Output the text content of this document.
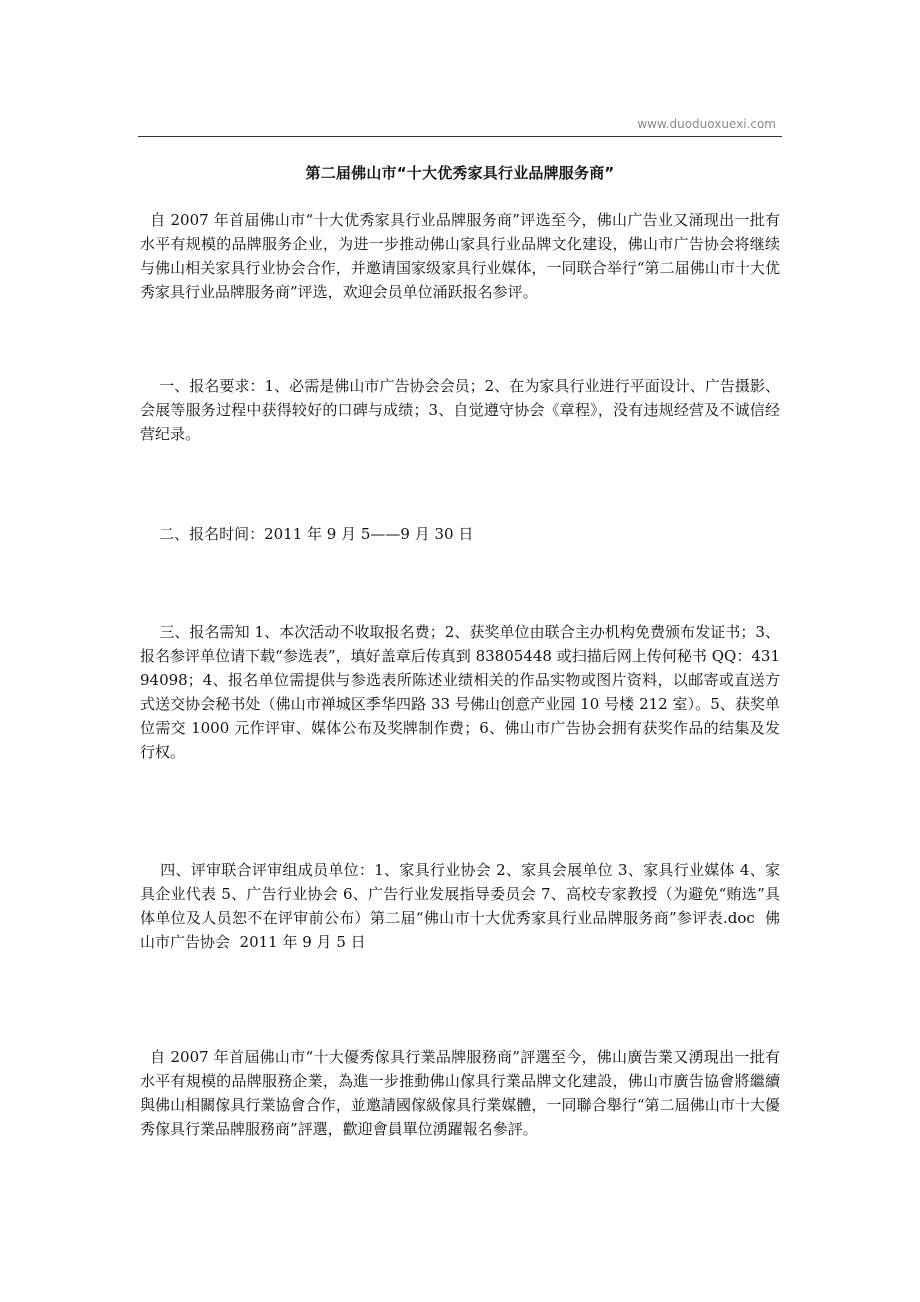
www.duoduoxuexi.com
第二届佛山市“十大优秀家具行业品牌服务商”
自 2007 年首届佛山市“十大优秀家具行业品牌服务商”评选至今，佛山广告业又涌现出一批有水平有规模的品牌服务企业，为进一步推动佛山家具行业品牌文化建设，佛山市广告协会将继续与佛山相关家具行业协会合作，并邀请国家级家具行业媒体，一同联合举行“第二届佛山市十大优秀家具行业品牌服务商”评选，欢迎会员单位涌跃报名参评。
一、报名要求：1、必需是佛山市广告协会会员；2、在为家具行业进行平面设计、广告摄影、会展等服务过程中获得较好的口碑与成绩；3、自觉遵守协会《章程》，没有违规经营及不诚信经营纪录。
二、报名时间：2011 年 9 月 5——9 月 30 日
三、报名需知 1、本次活动不收取报名费；2、获奖单位由联合主办机构免费颁布发证书；3、报名参评单位请下载“参选表”，填好盖章后传真到 83805448 或扫描后网上传何秘书 QQ：43194098；4、报名单位需提供与参选表所陈述业绩相关的作品实物或图片资料，以邮寄或直送方式送交协会秘书处（佛山市禅城区季华四路 33 号佛山创意产业园 10 号楼 212 室）。5、获奖单位需交 1000 元作评审、媒体公布及奖牌制作费；6、佛山市广告协会拥有获奖作品的结集及发行权。
四、评审联合评审组成员单位：1、家具行业协会 2、家具会展单位 3、家具行业媒体 4、家具企业代表 5、广告行业协会 6、广告行业发展指导委员会 7、高校专家教授（为避免“贿选”具体单位及人员恕不在评审前公布）第二届“佛山市十大优秀家具行业品牌服务商”参评表.doc  佛山市广告协会  2011 年 9 月 5 日
自 2007 年首屆佛山市“十大優秀傢具行業品牌服務商”評選至今，佛山廣告業又湧現出一批有水平有規模的品牌服務企業，為進一步推動佛山傢具行業品牌文化建設，佛山市廣告協會將繼續與佛山相關傢具行業協會合作，並邀請國傢級傢具行業媒體，一同聯合舉行“第二屆佛山市十大優秀傢具行業品牌服務商”評選，歡迎會員單位湧躍報名參評。
